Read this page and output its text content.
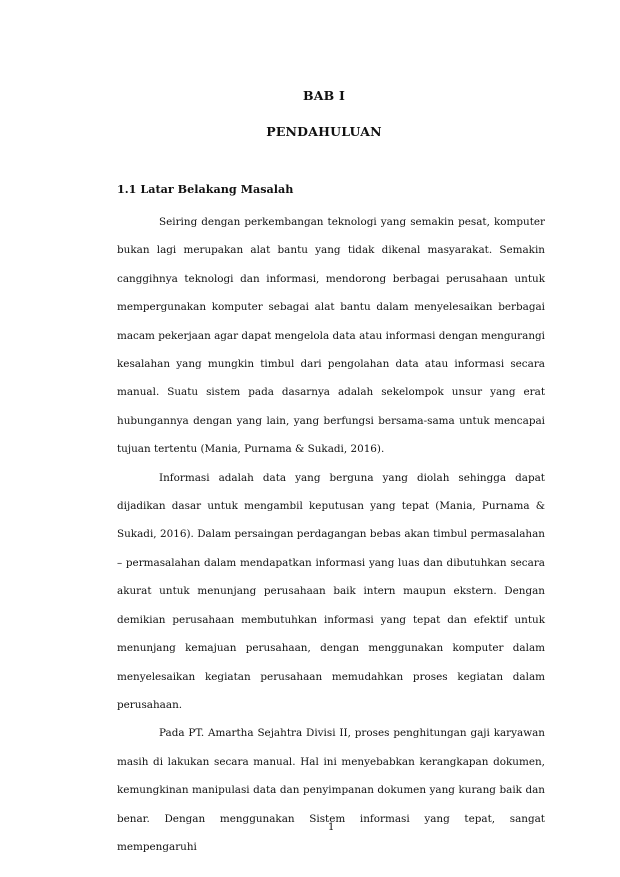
BAB I
PENDAHULUAN
1.1 Latar Belakang Masalah

Seiring dengan perkembangan teknologi yang semakin pesat, komputer bukan lagi merupakan alat bantu yang tidak dikenal masyarakat. Semakin canggihnya teknologi dan informasi, mendorong berbagai perusahaan untuk mempergunakan komputer sebagai alat bantu dalam menyelesaikan berbagai macam pekerjaan agar dapat mengelola data atau informasi dengan mengurangi kesalahan yang mungkin timbul dari pengolahan data atau informasi secara manual. Suatu sistem pada dasarnya adalah sekelompok unsur yang erat hubungannya dengan yang lain, yang berfungsi bersama-sama untuk mencapai tujuan tertentu (Mania, Purnama & Sukadi, 2016).

Informasi adalah data yang berguna yang diolah sehingga dapat dijadikan dasar untuk mengambil keputusan yang tepat (Mania, Purnama & Sukadi, 2016). Dalam persaingan perdagangan bebas akan timbul permasalahan – permasalahan dalam mendapatkan informasi yang luas dan dibutuhkan secara akurat untuk menunjang perusahaan baik intern maupun ekstern. Dengan demikian perusahaan membutuhkan informasi yang tepat dan efektif untuk menunjang kemajuan perusahaan, dengan menggunakan komputer dalam menyelesaikan kegiatan perusahaan memudahkan proses kegiatan dalam perusahaan.

Pada PT. Amartha Sejahtra Divisi II, proses penghitungan gaji karyawan masih di lakukan secara manual. Hal ini menyebabkan kerangkapan dokumen, kemungkinan manipulasi data dan penyimpanan dokumen yang kurang baik dan benar. Dengan menggunakan Sistem informasi yang tepat, sangat mempengaruhi

1
